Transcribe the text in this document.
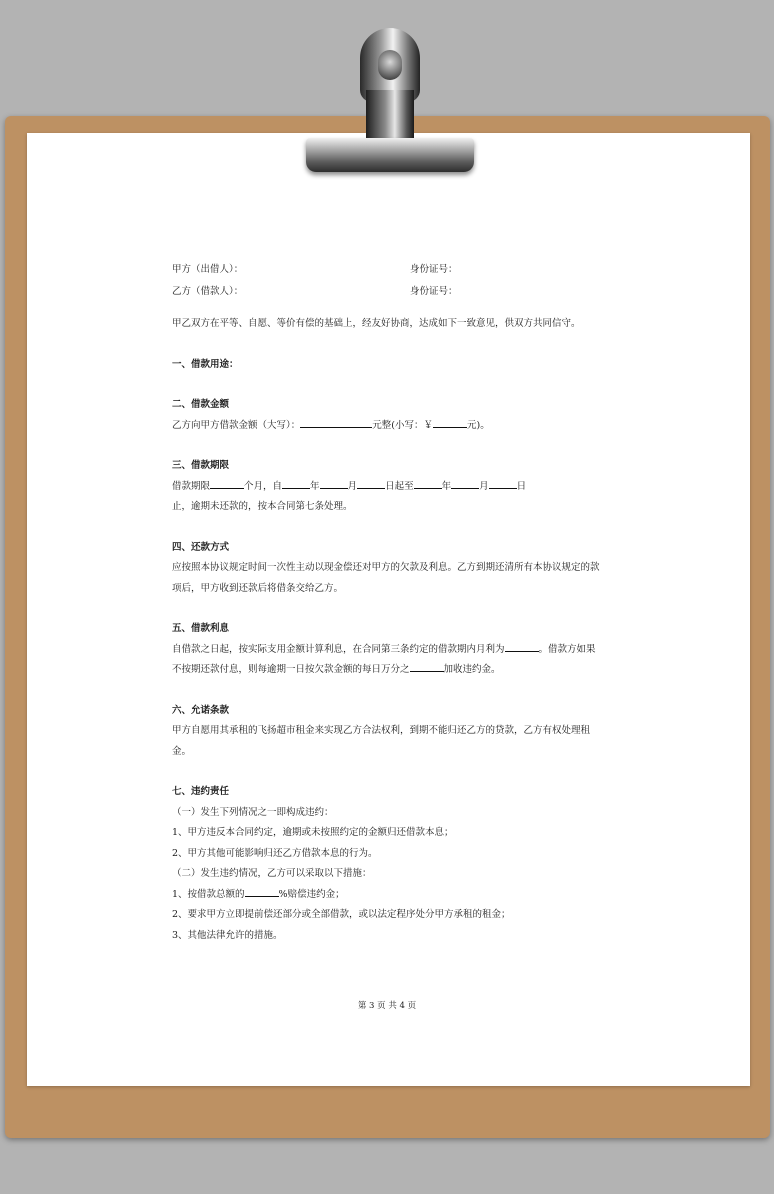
甲方（出借人）：	身份证号：
乙方（借款人）：	身份证号：

甲乙双方在平等、自愿、等价有偿的基础上，经友好协商，达成如下一致意见，供双方共同信守。

一、借款用途：

二、借款金额

乙方向甲方借款金额（大写）：	元整(小写：￥	元)。

三、借款期限

借款期限	个月，自	年	月	日起至	年	月	日
止，逾期未还款的，按本合同第七条处理。

四、还款方式

应按照本协议规定时间一次性主动以现金偿还对甲方的欠款及利息。乙方到期还清所有本协议规定的款项后，甲方收到还款后将借条交给乙方。

五、借款利息

自借款之日起，按实际支用金额计算利息，在合同第三条约定的借款期内月利为	。借款方如果不按期还款付息，则每逾期一日按欠款金额的每日万分之	加收违约金。

六、允诺条款

甲方自愿用其承租的飞扬超市租金来实现乙方合法权利，到期不能归还乙方的贷款，乙方有权处理租金。

七、违约责任

（一）发生下列情况之一即构成违约：

1、甲方违反本合同约定，逾期或未按照约定的金额归还借款本息；

2、甲方其他可能影响归还乙方借款本息的行为。

（二）发生违约情况，乙方可以采取以下措施：

1、按借款总额的	%赔偿违约金；

2、要求甲方立即提前偿还部分或全部借款，或以法定程序处分甲方承租的租金；

3、其他法律允许的措施。

第 3 页 共 4 页
